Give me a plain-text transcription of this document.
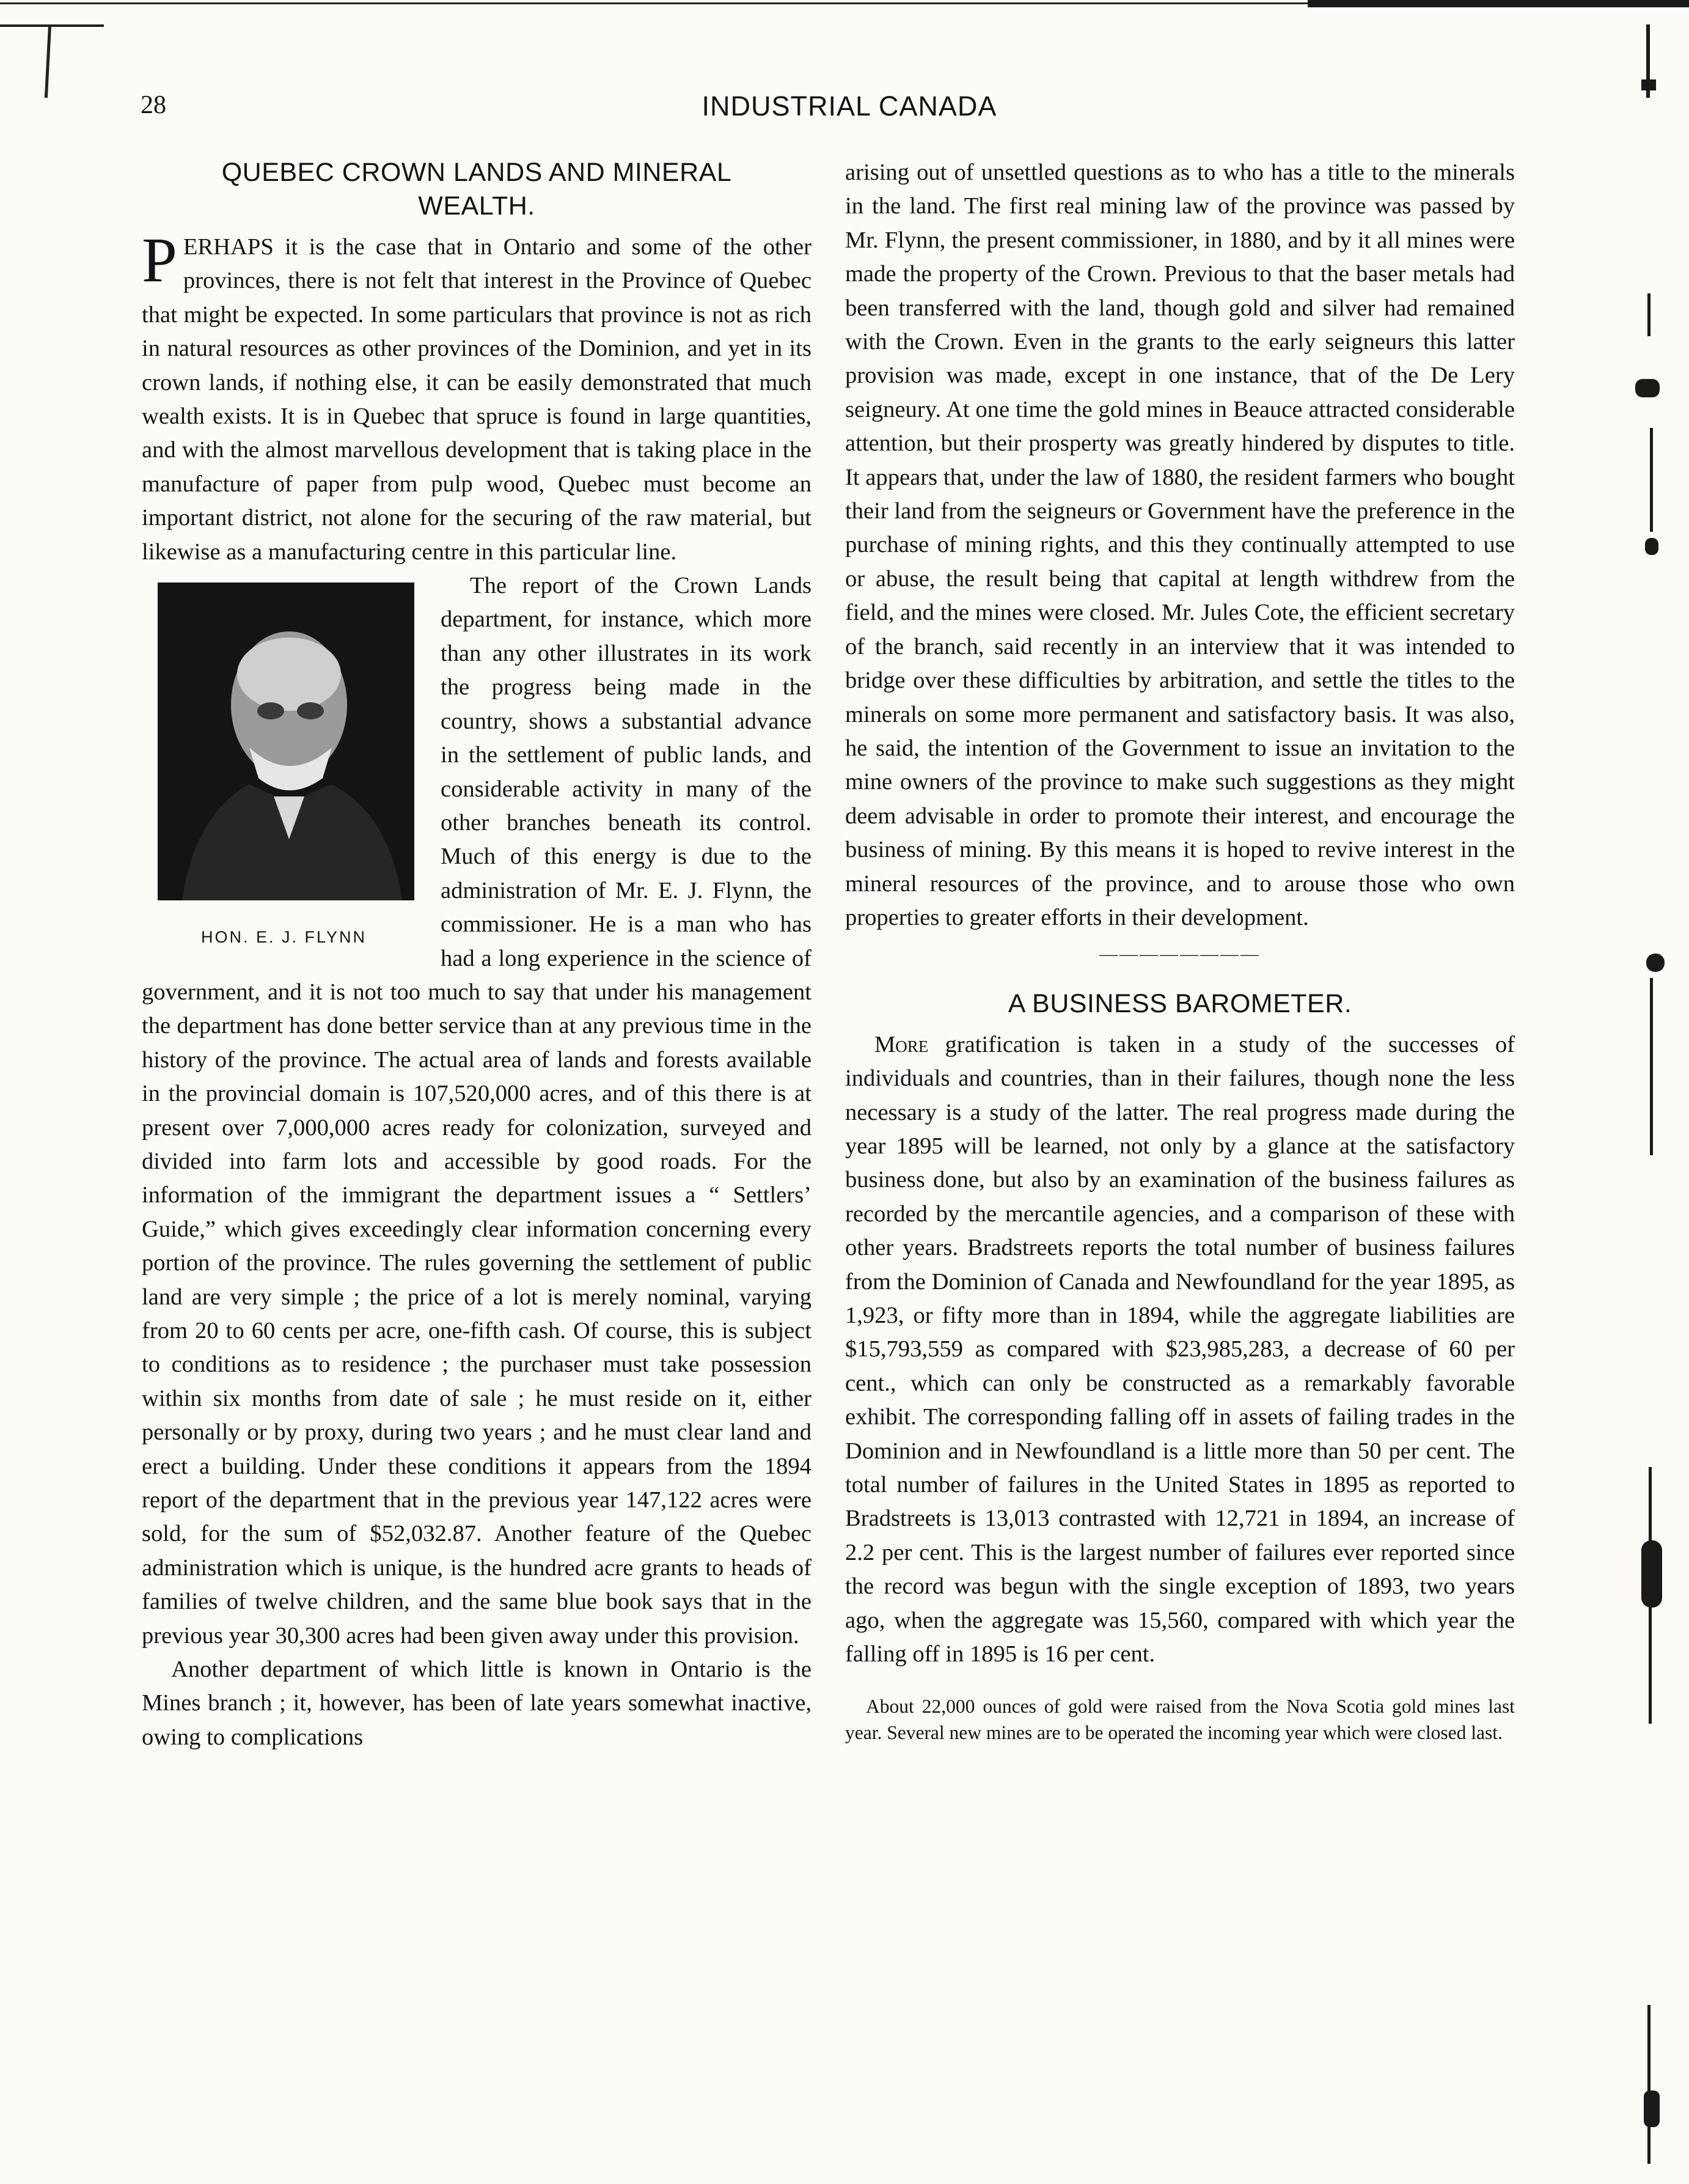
28	INDUSTRIAL CANADA
QUEBEC CROWN LANDS AND MINERAL
WEALTH.

PERHAPS it is the case that in Ontario and some of the other provinces, there is not felt that interest in the Province of Quebec that might be expected. In some particulars that province is not as rich in natural resources as other provinces of the Dominion, and yet in its crown lands, if nothing else, it can be easily demonstrated that much wealth exists. It is in Quebec that spruce is found in large quantities, and with the almost marvellous development that is taking place in the manufacture of paper from pulp wood, Quebec must become an important district, not alone for the securing of the raw material, but likewise as a manufacturing centre in this particular line.

HON. E. J. FLYNN

The report of the Crown Lands department, for instance, which more than any other illustrates in its work the progress being made in the country, shows a substantial advance in the settlement of public lands, and considerable activity in many of the other branches beneath its control. Much of this energy is due to the administration of Mr. E. J. Flynn, the commissioner. He is a man who has had a long experience in the science of government, and it is not too much to say that under his management the department has done better service than at any previous time in the history of the province. The actual area of lands and forests available in the provincial domain is 107,520,000 acres, and of this there is at present over 7,000,000 acres ready for colonization, surveyed and divided into farm lots and accessible by good roads. For the information of the immigrant the department issues a “ Settlers’ Guide,” which gives exceedingly clear information concerning every portion of the province. The rules governing the settlement of public land are very simple ; the price of a lot is merely nominal, varying from 20 to 60 cents per acre, one-fifth cash. Of course, this is subject to conditions as to residence ; the purchaser must take possession within six months from date of sale ; he must reside on it, either personally or by proxy, during two years ; and he must clear land and erect a building. Under these conditions it appears from the 1894 report of the department that in the previous year 147,122 acres were sold, for the sum of $52,032.87. Another feature of the Quebec administration which is unique, is the hundred acre grants to heads of families of twelve children, and the same blue book says that in the previous year 30,300 acres had been given away under this provision.

Another department of which little is known in Ontario is the Mines branch ; it, however, has been of late years somewhat inactive, owing to complications

arising out of unsettled questions as to who has a title to the minerals in the land. The first real mining law of the province was passed by Mr. Flynn, the present commissioner, in 1880, and by it all mines were made the property of the Crown. Previous to that the baser metals had been transferred with the land, though gold and silver had remained with the Crown. Even in the grants to the early seigneurs this latter provision was made, except in one instance, that of the De Lery seigneury. At one time the gold mines in Beauce attracted considerable attention, but their prosperty was greatly hindered by disputes to title. It appears that, under the law of 1880, the resident farmers who bought their land from the seigneurs or Government have the preference in the purchase of mining rights, and this they continually attempted to use or abuse, the result being that capital at length withdrew from the field, and the mines were closed. Mr. Jules Cote, the efficient secretary of the branch, said recently in an interview that it was intended to bridge over these difficulties by arbitration, and settle the titles to the minerals on some more permanent and satisfactory basis. It was also, he said, the intention of the Government to issue an invitation to the mine owners of the province to make such suggestions as they might deem advisable in order to promote their interest, and encourage the business of mining. By this means it is hoped to revive interest in the mineral resources of the province, and to arouse those who own properties to greater efforts in their development.

————————
A BUSINESS BAROMETER.

More gratification is taken in a study of the successes of individuals and countries, than in their failures, though none the less necessary is a study of the latter. The real progress made during the year 1895 will be learned, not only by a glance at the satisfactory business done, but also by an examination of the business failures as recorded by the mercantile agencies, and a comparison of these with other years. Bradstreets reports the total number of business failures from the Dominion of Canada and Newfoundland for the year 1895, as 1,923, or fifty more than in 1894, while the aggregate liabilities are $15,793,559 as compared with $23,985,283, a decrease of 60 per cent., which can only be constructed as a remarkably favorable exhibit. The corresponding falling off in assets of failing trades in the Dominion and in Newfoundland is a little more than 50 per cent. The total number of failures in the United States in 1895 as reported to Bradstreets is 13,013 contrasted with 12,721 in 1894, an increase of 2.2 per cent. This is the largest number of failures ever reported since the record was begun with the single exception of 1893, two years ago, when the aggregate was 15,560, compared with which year the falling off in 1895 is 16 per cent.

About 22,000 ounces of gold were raised from the Nova Scotia gold mines last year. Several new mines are to be operated the incoming year which were closed last.
